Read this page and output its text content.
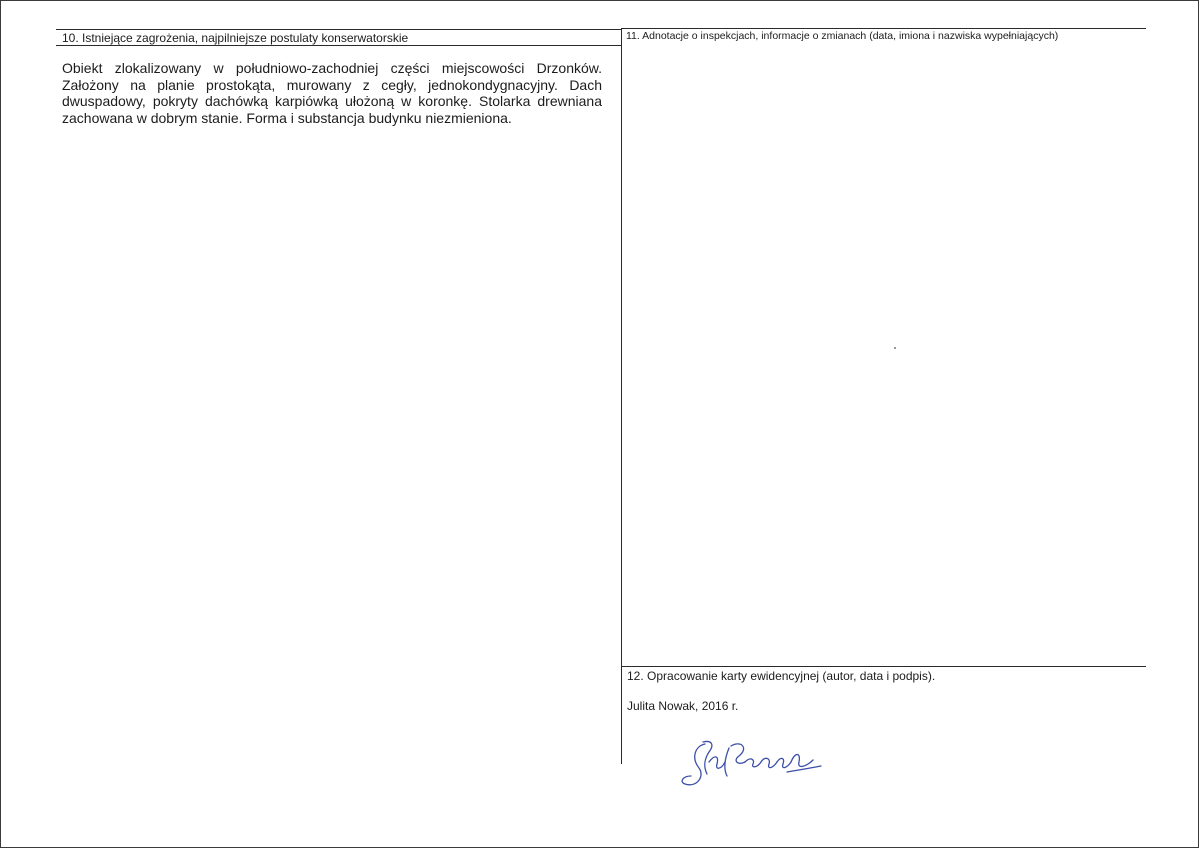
10. Istniejące zagrożenia, najpilniejsze postulaty konserwatorskie
Obiekt zlokalizowany w południowo-zachodniej części miejscowości Drzonków. Założony na planie prostokąta, murowany z cegły, jednokondygnacyjny. Dach dwuspadowy, pokryty dachówką karpiówką ułożoną w koronkę. Stolarka drewniana zachowana w dobrym stanie. Forma i substancja budynku niezmieniona.
11. Adnotacje o inspekcjach, informacje o zmianach (data, imiona i nazwiska wypełniających)
12. Opracowanie karty ewidencyjnej (autor, data i podpis).
Julita Nowak, 2016 r.
